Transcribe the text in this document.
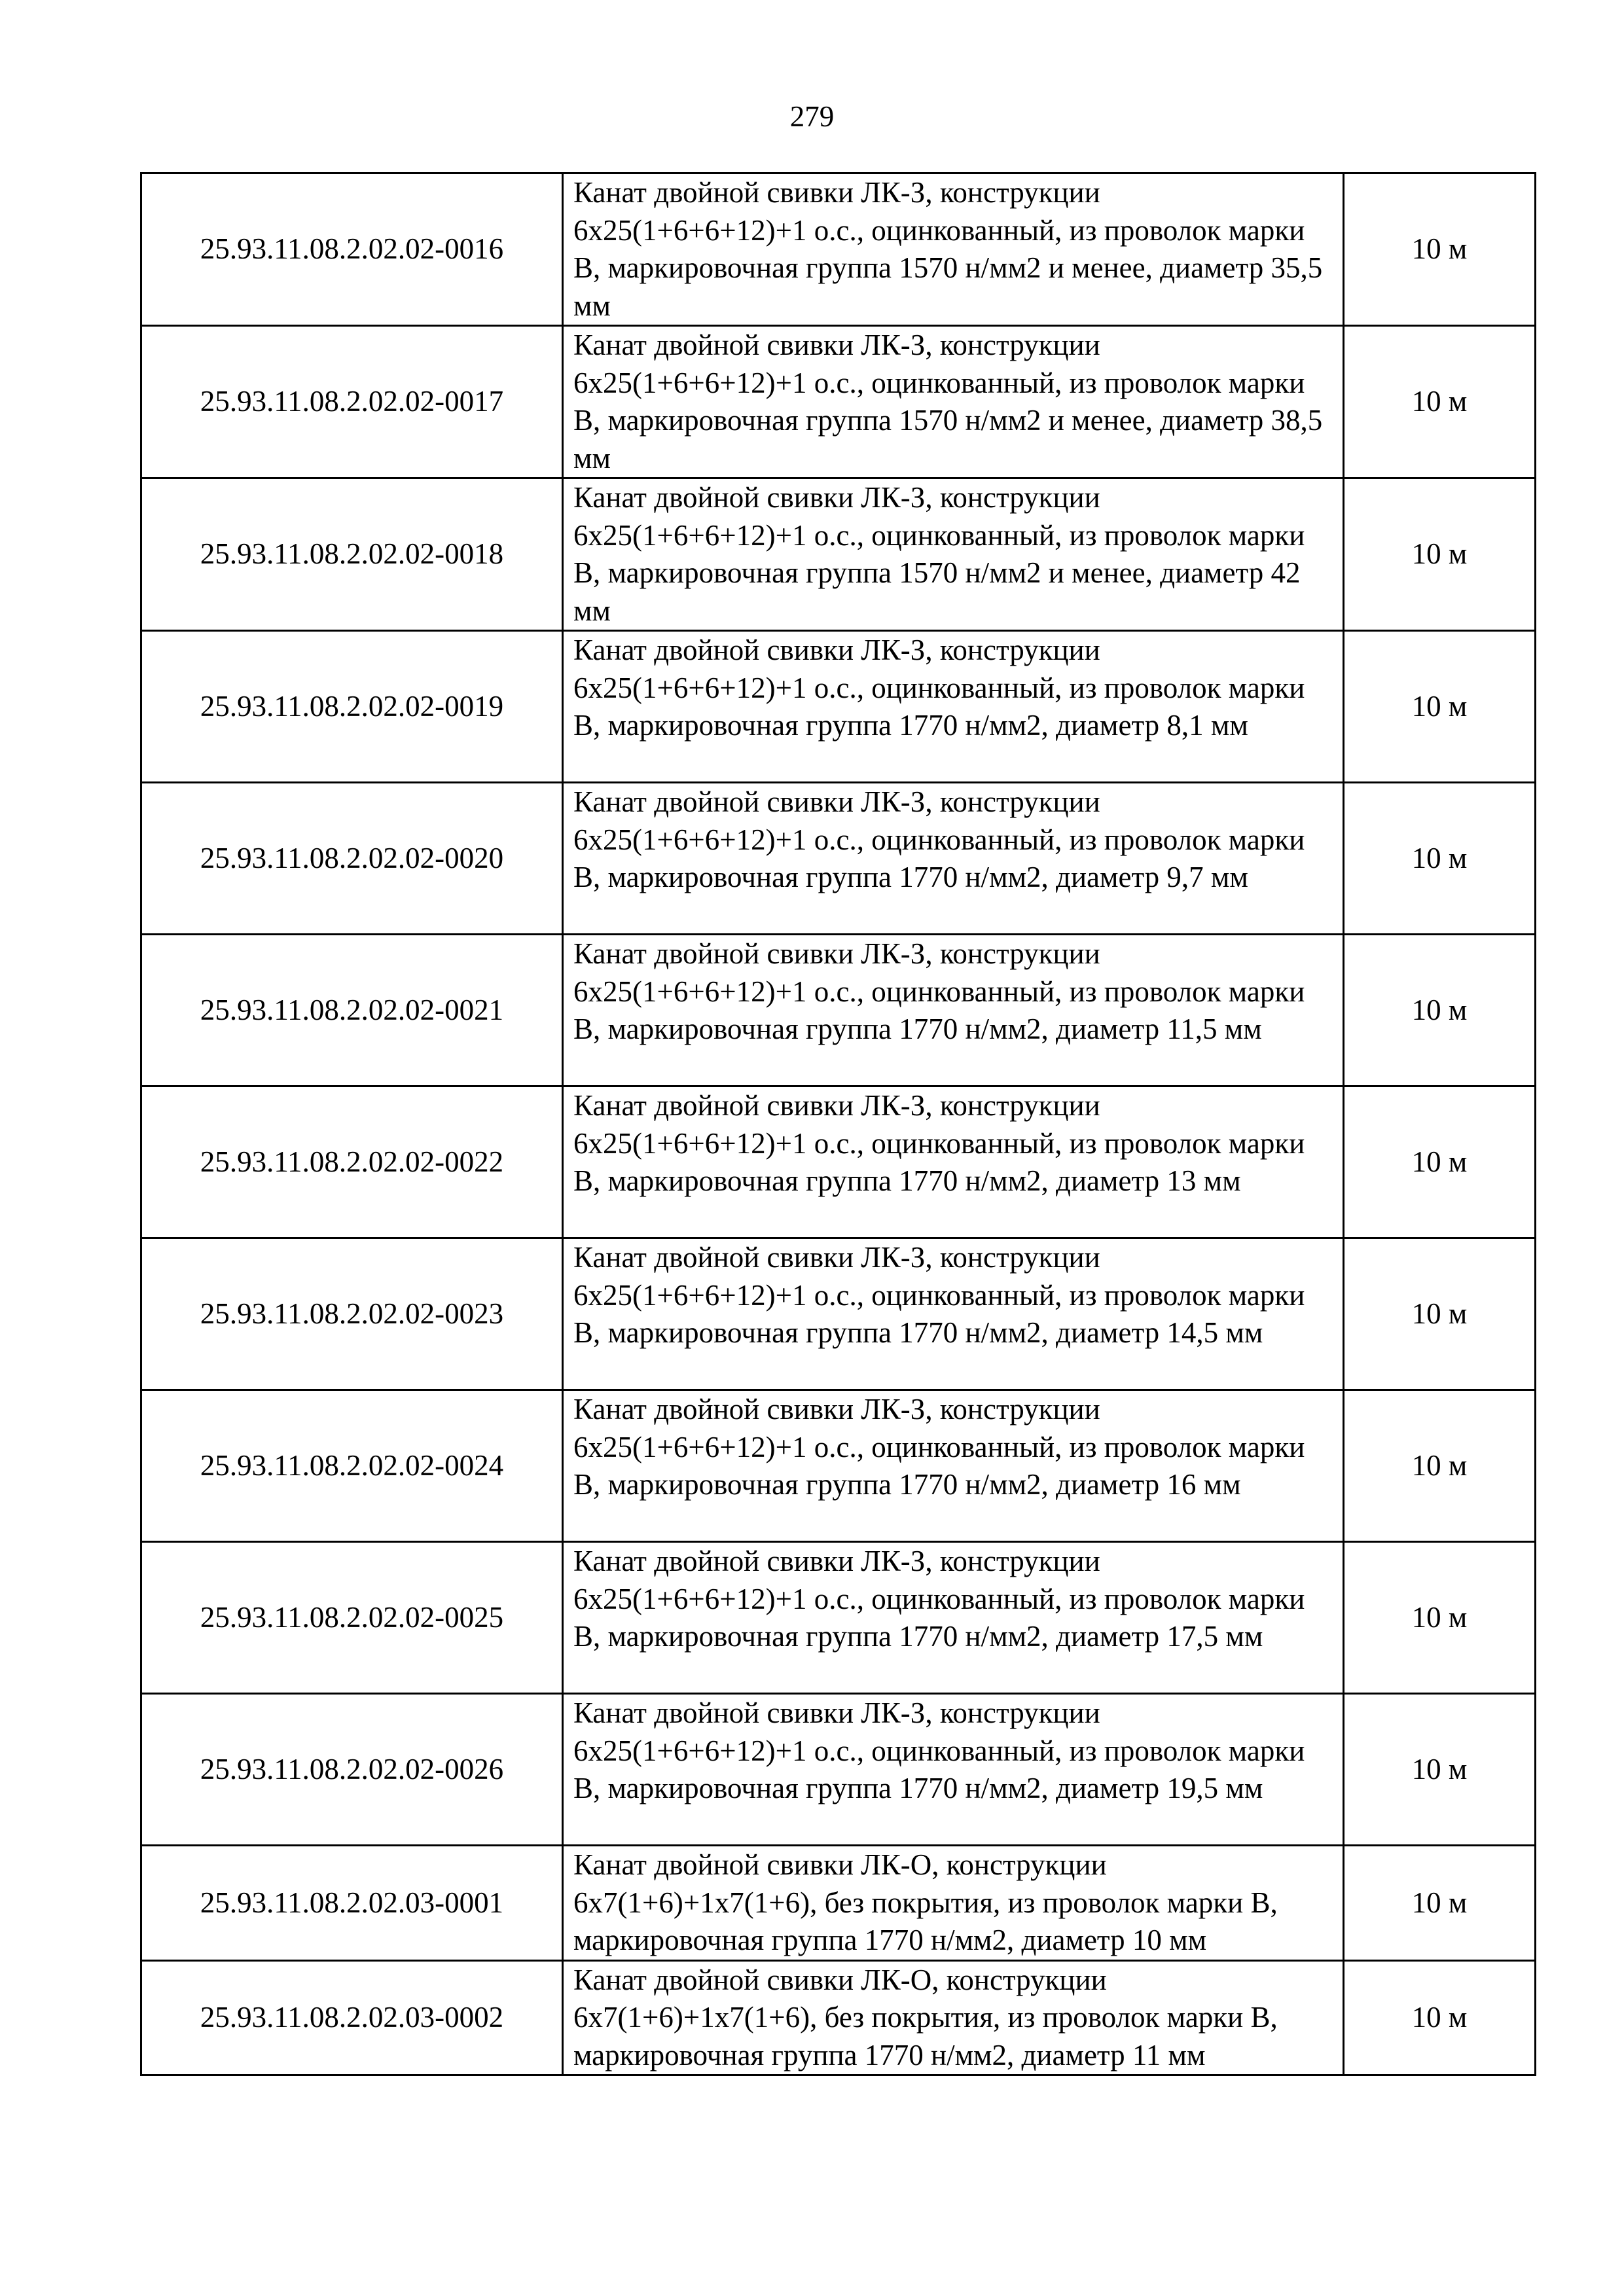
279
25.93.11.08.2.02.02-0016	Канат двойной свивки ЛК-З, конструкции 6x25(1+6+6+12)+1 о.с., оцинкованный, из проволок марки В, маркировочная группа 1570 н/мм2 и менее, диаметр 35,5 мм	10 м
25.93.11.08.2.02.02-0017	Канат двойной свивки ЛК-З, конструкции 6x25(1+6+6+12)+1 о.с., оцинкованный, из проволок марки В, маркировочная группа 1570 н/мм2 и менее, диаметр 38,5 мм	10 м
25.93.11.08.2.02.02-0018	Канат двойной свивки ЛК-З, конструкции 6x25(1+6+6+12)+1 о.с., оцинкованный, из проволок марки В, маркировочная группа 1570 н/мм2 и менее, диаметр 42 мм	10 м
25.93.11.08.2.02.02-0019	Канат двойной свивки ЛК-З, конструкции 6x25(1+6+6+12)+1 о.с., оцинкованный, из проволок марки В, маркировочная группа 1770 н/мм2, диаметр 8,1 мм	10 м
25.93.11.08.2.02.02-0020	Канат двойной свивки ЛК-З, конструкции 6x25(1+6+6+12)+1 о.с., оцинкованный, из проволок марки В, маркировочная группа 1770 н/мм2, диаметр 9,7 мм	10 м
25.93.11.08.2.02.02-0021	Канат двойной свивки ЛК-З, конструкции 6x25(1+6+6+12)+1 о.с., оцинкованный, из проволок марки В, маркировочная группа 1770 н/мм2, диаметр 11,5 мм	10 м
25.93.11.08.2.02.02-0022	Канат двойной свивки ЛК-З, конструкции 6x25(1+6+6+12)+1 о.с., оцинкованный, из проволок марки В, маркировочная группа 1770 н/мм2, диаметр 13 мм	10 м
25.93.11.08.2.02.02-0023	Канат двойной свивки ЛК-З, конструкции 6x25(1+6+6+12)+1 о.с., оцинкованный, из проволок марки В, маркировочная группа 1770 н/мм2, диаметр 14,5 мм	10 м
25.93.11.08.2.02.02-0024	Канат двойной свивки ЛК-З, конструкции 6x25(1+6+6+12)+1 о.с., оцинкованный, из проволок марки В, маркировочная группа 1770 н/мм2, диаметр 16 мм	10 м
25.93.11.08.2.02.02-0025	Канат двойной свивки ЛК-З, конструкции 6x25(1+6+6+12)+1 о.с., оцинкованный, из проволок марки В, маркировочная группа 1770 н/мм2, диаметр 17,5 мм	10 м
25.93.11.08.2.02.02-0026	Канат двойной свивки ЛК-З, конструкции 6x25(1+6+6+12)+1 о.с., оцинкованный, из проволок марки В, маркировочная группа 1770 н/мм2, диаметр 19,5 мм	10 м
25.93.11.08.2.02.03-0001	Канат двойной свивки ЛК-О, конструкции 6x7(1+6)+1x7(1+6), без покрытия, из проволок марки В, маркировочная группа 1770 н/мм2, диаметр 10 мм	10 м
25.93.11.08.2.02.03-0002	Канат двойной свивки ЛК-О, конструкции 6x7(1+6)+1x7(1+6), без покрытия, из проволок марки В, маркировочная группа 1770 н/мм2, диаметр 11 мм	10 м
